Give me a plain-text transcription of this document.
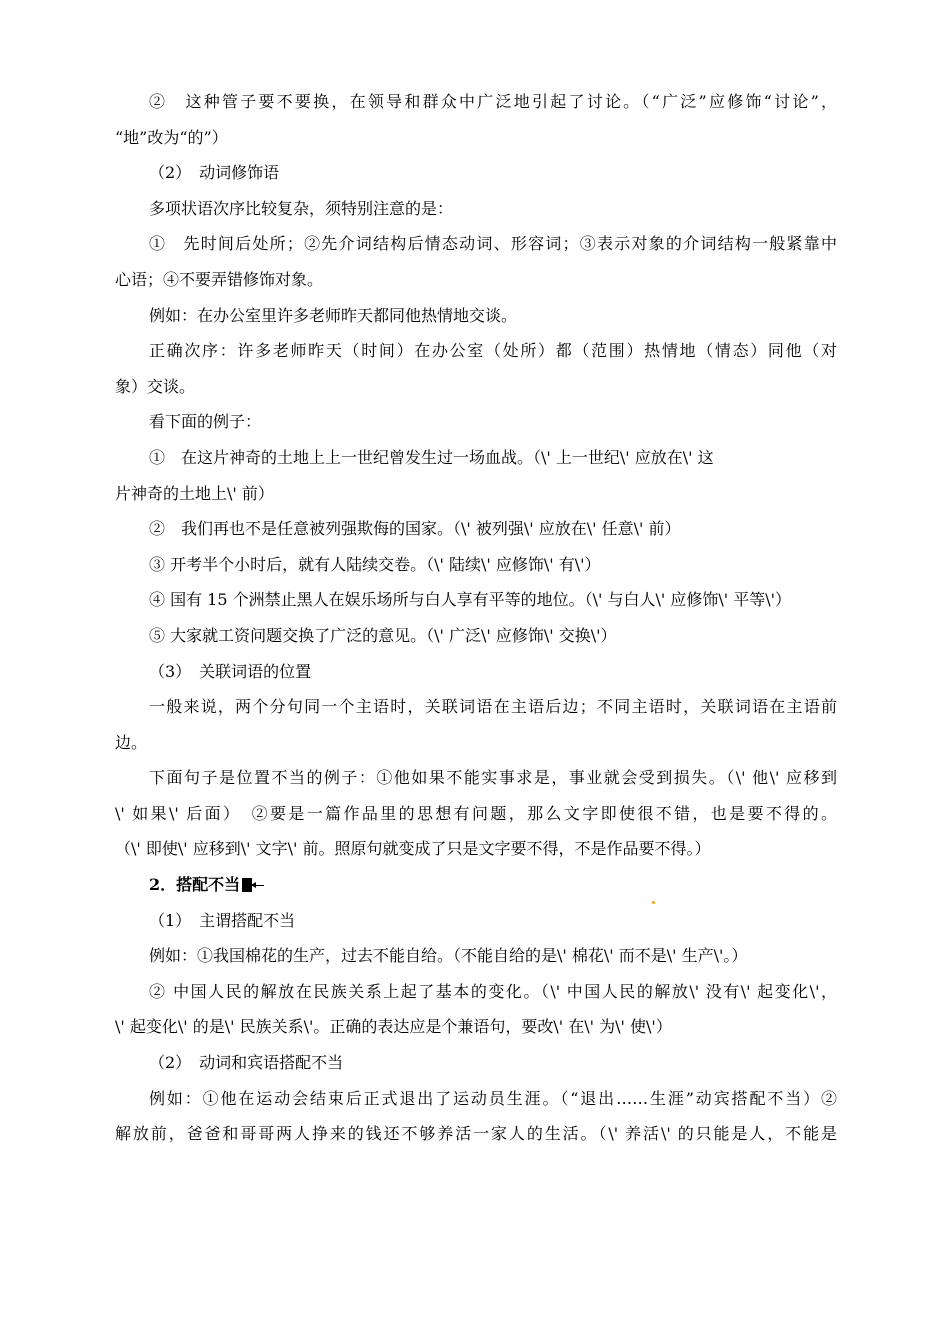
②　这种管子要不要换，在领导和群众中广泛地引起了讨论。（“广泛”应修饰“讨论”，
“地”改为“的”）
（2）　动词修饰语
多项状语次序比较复杂，须特别注意的是：
①　先时间后处所；②先介词结构后情态动词、形容词；③表示对象的介词结构一般紧靠中
心语；④不要弄错修饰对象。
例如：在办公室里许多老师昨天都同他热情地交谈。
正确次序：许多老师昨天（时间）在办公室（处所）都（范围）热情地（情态）同他（对
象）交谈。
看下面的例子：
①　在这片神奇的土地上上一世纪曾发生过一场血战。（\' 上一世纪\' 应放在\' 这
片神奇的土地上\' 前）
②　我们再也不是任意被列强欺侮的国家。（\' 被列强\' 应放在\' 任意\' 前）
③ 开考半个小时后，就有人陆续交卷。（\' 陆续\' 应修饰\' 有\'）
④ 国有 15 个洲禁止黑人在娱乐场所与白人享有平等的地位。（\' 与白人\' 应修饰\' 平等\'）
⑤ 大家就工资问题交换了广泛的意见。（\' 广泛\' 应修饰\' 交换\'）
（3）　关联词语的位置
一般来说，两个分句同一个主语时，关联词语在主语后边；不同主语时，关联词语在主语前
边。
下面句子是位置不当的例子：①他如果不能实事求是，事业就会受到损失。（\' 他\' 应移到
\' 如果\' 后面）　②要是一篇作品里的思想有问题，那么文字即使很不错，也是要不得的。
（\' 即使\' 应移到\' 文字\' 前。照原句就变成了只是文字要不得，不是作品要不得。）
2．搭配不当 九
（1）　主谓搭配不当
例如：①我国棉花的生产，过去不能自给。（不能自给的是\' 棉花\' 而不是\' 生产\'。）
② 中国人民的解放在民族关系上起了基本的变化。（\' 中国人民的解放\' 没有\' 起变化\'，
\' 起变化\' 的是\' 民族关系\'。正确的表达应是个兼语句，要改\' 在\' 为\' 使\'）
（2）　动词和宾语搭配不当
例如：①他在运动会结束后正式退出了运动员生涯。（“退出……生涯”动宾搭配不当）②
解放前，爸爸和哥哥两人挣来的钱还不够养活一家人的生活。（\' 养活\' 的只能是人，不能是
